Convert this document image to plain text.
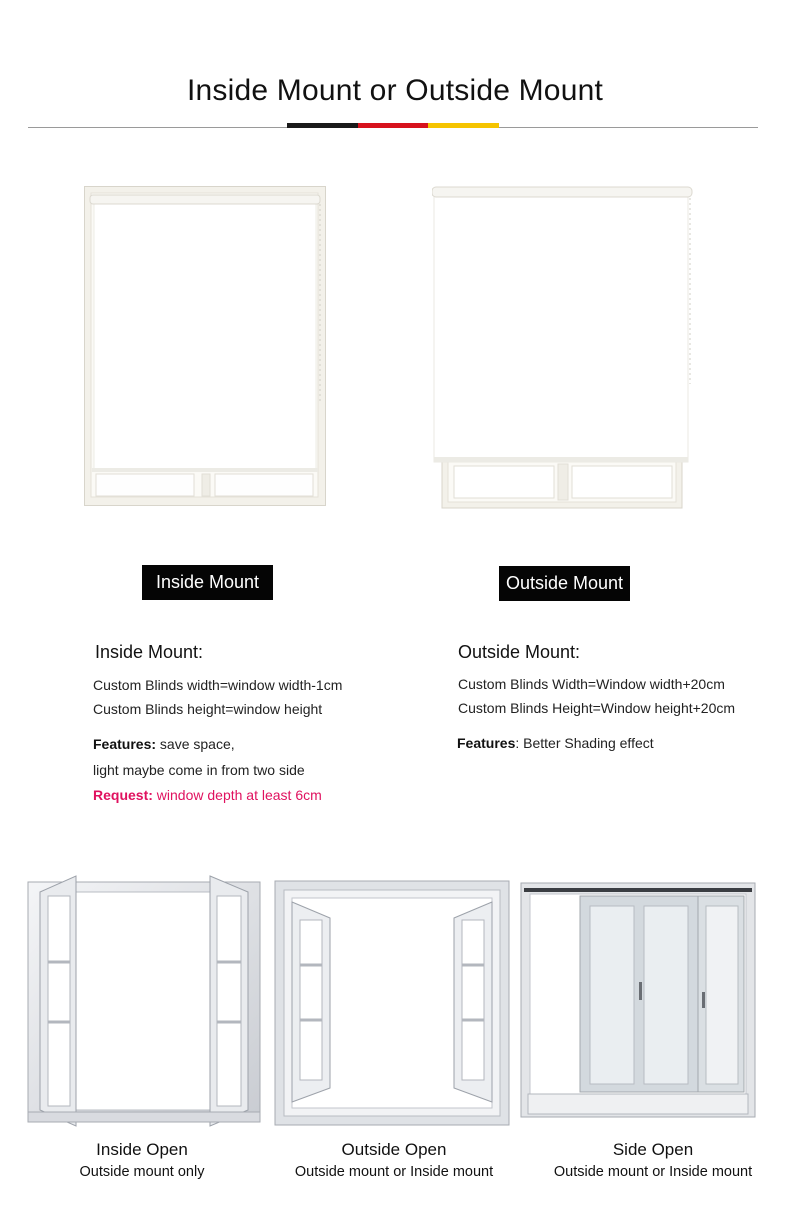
Inside Mount or Outside Mount
Inside Mount	Outside Mount
Inside Mount:
Custom Blinds width=window width-1cm
Custom Blinds height=window height
Features: save space,
light maybe come in from two side
Request: window depth at least 6cm
Outside Mount:
Custom Blinds Width=Window width+20cm
Custom Blinds Height=Window height+20cm
Features: Better Shading effect
Inside Open
Outside mount only
Outside Open
Outside mount or Inside mount
Side Open
Outside mount or Inside mount
